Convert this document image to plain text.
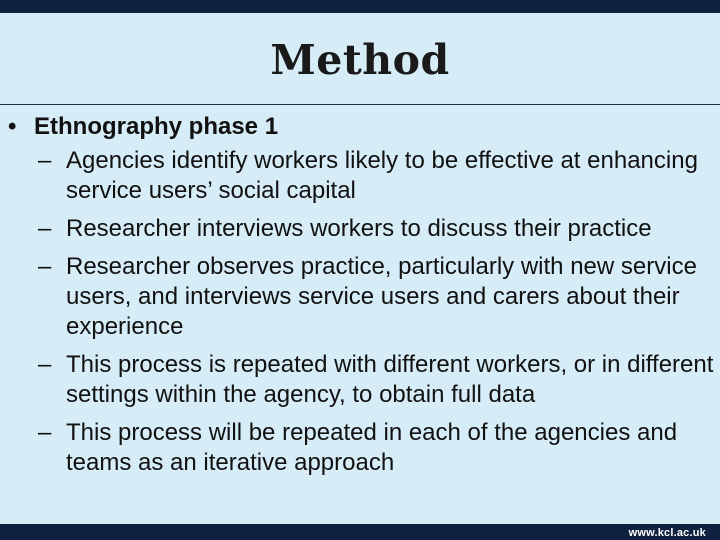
Method
• Ethnography phase 1
– Agencies identify workers likely to be effective at enhancing service users’ social capital
– Researcher interviews workers to discuss their practice
– Researcher observes practice, particularly with new service users, and interviews service users and carers about their experience
– This process is repeated with different workers, or in different settings within the agency, to obtain full data
– This process will be repeated in each of the agencies and teams as an iterative approach
www.kcl.ac.uk
